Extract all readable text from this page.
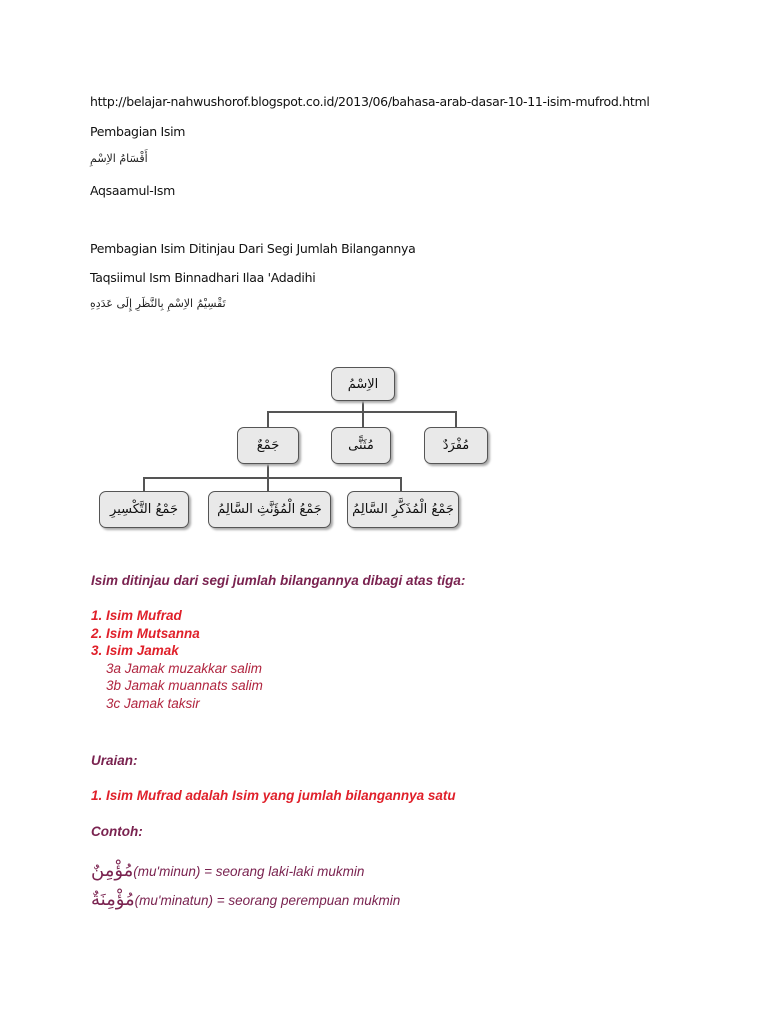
http://belajar-nahwushorof.blogspot.co.id/2013/06/bahasa-arab-dasar-10-11-isim-mufrod.html
Pembagian Isim
أَقْسَامُ الاِسْمِ
Aqsaamul-Ism
Pembagian Isim Ditinjau Dari Segi Jumlah Bilangannya
Taqsiimul Ism Binnadhari Ilaa 'Adadihi
تَقْسِيْمُ الاِسْمِ بِالنَّظَرِ إِلَى عَدَدِهِ
الاِسْمُ
جَمْعٌ	مُثَنًّى	مُفْرَدٌ
جَمْعُ التَّكْسِيرِ	جَمْعُ الْمُؤَنَّثِ السَّالِمُ	جَمْعُ الْمُذَكَّرِ السَّالِمُ
Isim ditinjau dari segi jumlah bilangannya dibagi atas tiga:
1. Isim Mufrad
2. Isim Mutsanna
3. Isim Jamak
3a Jamak muzakkar salim
3b Jamak muannats salim
3c Jamak taksir
Uraian:
1. Isim Mufrad adalah Isim yang jumlah bilangannya satu
Contoh:
مُؤْمِنٌ(mu'minun) = seorang laki-laki mukmin
مُؤْمِنَةٌ(mu'minatun) = seorang perempuan mukmin
